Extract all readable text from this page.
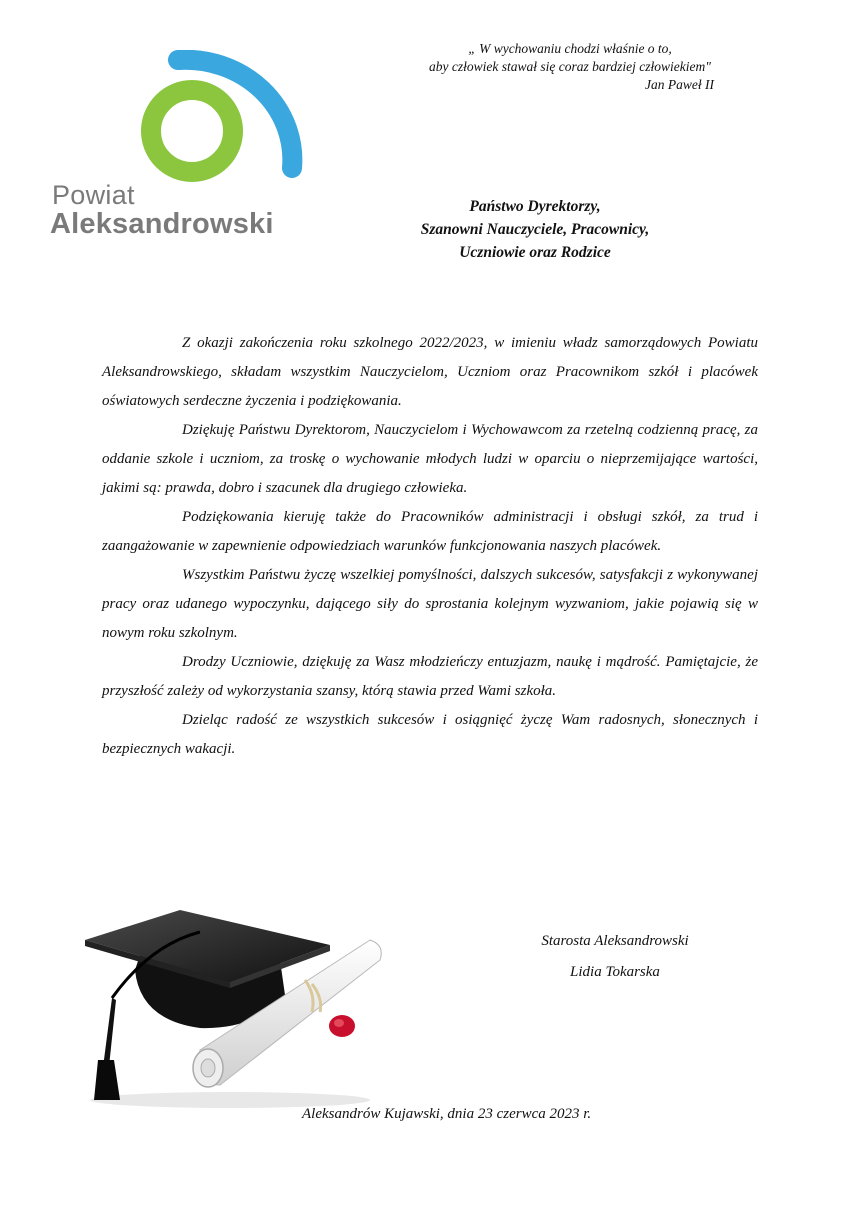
Powiat
Aleksandrowski
„ W wychowaniu chodzi właśnie o to,
aby człowiek stawał się coraz bardziej człowiekiem"
Jan Paweł II
Państwo Dyrektorzy,
Szanowni Nauczyciele, Pracownicy,
Uczniowie oraz Rodzice

Z okazji zakończenia roku szkolnego 2022/2023, w imieniu władz samorządowych Powiatu Aleksandrowskiego, składam wszystkim Nauczycielom, Uczniom oraz Pracownikom szkół i placówek oświatowych serdeczne życzenia i podziękowania.

Dziękuję Państwu Dyrektorom, Nauczycielom i Wychowawcom za rzetelną codzienną pracę, za oddanie szkole i uczniom, za troskę o wychowanie młodych ludzi w oparciu o nieprzemijające wartości, jakimi są: prawda, dobro i szacunek dla drugiego człowieka.

Podziękowania kieruję także do Pracowników administracji i obsługi szkół, za trud i zaangażowanie w zapewnienie odpowiedziach warunków funkcjonowania naszych placówek.

Wszystkim Państwu życzę wszelkiej pomyślności, dalszych sukcesów, satysfakcji z wykonywanej pracy oraz udanego wypoczynku, dającego siły do sprostania kolejnym wyzwaniom, jakie pojawią się w nowym roku szkolnym.

Drodzy Uczniowie, dziękuję za Wasz młodzieńczy entuzjazm, naukę i mądrość. Pamiętajcie, że przyszłość zależy od wykorzystania szansy, którą stawia przed Wami szkoła.

Dzieląc radość ze wszystkich sukcesów i osiągnięć życzę Wam radosnych, słonecznych i bezpiecznych wakacji.

Starosta Aleksandrowski
Lidia Tokarska
Aleksandrów Kujawski, dnia 23 czerwca 2023 r.
